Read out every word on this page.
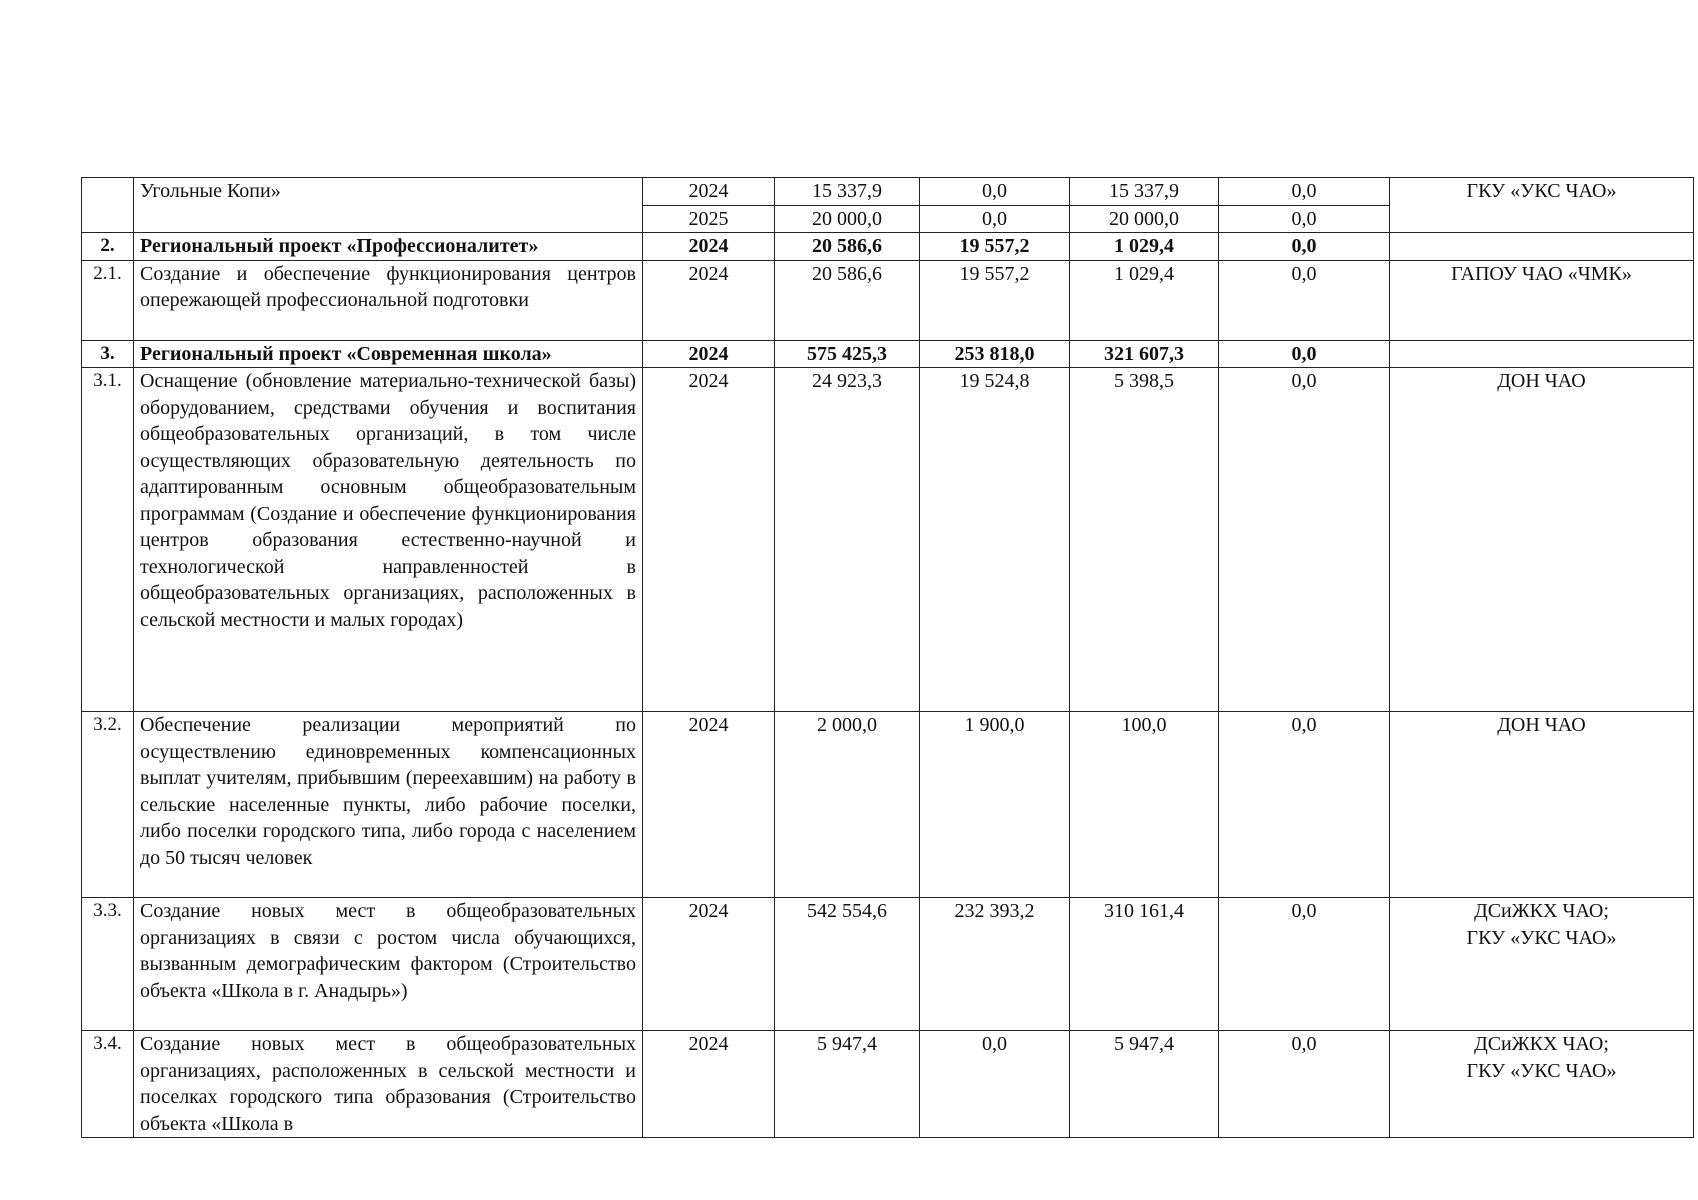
	Угольные Копи»	2024	15 337,9	0,0	15 337,9	0,0	ГКУ «УКС ЧАО»
		2025	20 000,0	0,0	20 000,0	0,0	
2.	Региональный проект «Профессионалитет»	2024	20 586,6	19 557,2	1 029,4	0,0	
2.1.	Создание и обеспечение функционирования центров опережающей профессиональной подготовки	2024	20 586,6	19 557,2	1 029,4	0,0	ГАПОУ ЧАО «ЧМК»
3.	Региональный проект «Современная школа»	2024	575 425,3	253 818,0	321 607,3	0,0	
3.1.	Оснащение (обновление материально-технической базы) оборудованием, средствами обучения и воспитания общеобразовательных организаций, в том числе осуществляющих образовательную деятельность по адаптированным основным общеобразовательным программам (Создание и обеспечение функционирования центров образования естественно-научной и технологической направленностей в общеобразовательных организациях, расположенных в сельской местности и малых городах)	2024	24 923,3	19 524,8	5 398,5	0,0	ДОН ЧАО
3.2.	Обеспечение реализации мероприятий по осуществлению единовременных компенсационных выплат учителям, прибывшим (переехавшим) на работу в сельские населенные пункты, либо рабочие поселки, либо поселки городского типа, либо города с населением до 50 тысяч человек	2024	2 000,0	1 900,0	100,0	0,0	ДОН ЧАО
3.3.	Создание новых мест в общеобразовательных организациях в связи с ростом числа обучающихся, вызванным демографическим фактором (Строительство объекта «Школа в г. Анадырь»)	2024	542 554,6	232 393,2	310 161,4	0,0	ДСиЖКХ ЧАО;
ГКУ «УКС ЧАО»

3.4.	Создание новых мест в общеобразовательных организациях, расположенных в сельской местности и поселках городского типа образования (Строительство объекта «Школа в	2024	5 947,4	0,0	5 947,4	0,0	ДСиЖКХ ЧАО;
ГКУ «УКС ЧАО»
